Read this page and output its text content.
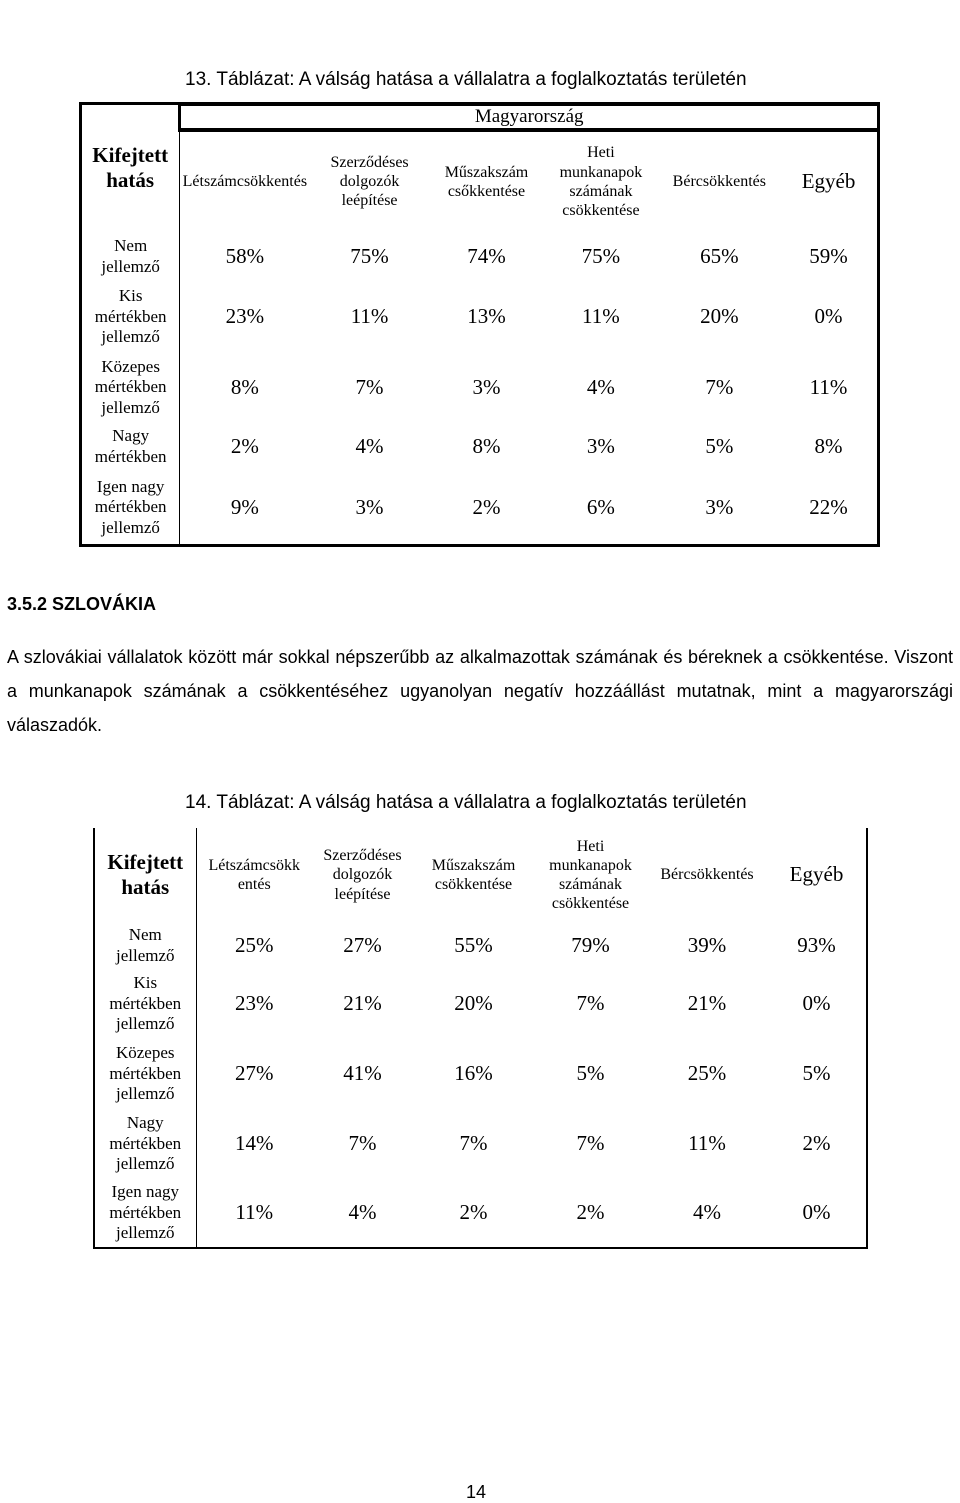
13. Táblázat: A válság hatása a vállalatra a foglalkoztatás területén
Kifejtett
hatás	Magyarország					

	Létszámcsökkentés	Szerződéses
dolgozók
leépítése	Műszakszám
csőkkentése	Heti
munkanapok
számának
csökkentése	Bércsökkentés	Egyéb
Nem
jellemző	58%	75%	74%	75%	65%	59%
Kis
mértékben
jellemző	23%	11%	13%	11%	20%	0%
Közepes
mértékben
jellemző	8%	7%	3%	4%	7%	11%
Nagy
mértékben	2%	4%	8%	3%	5%	8%
Igen nagy
mértékben
jellemző	9%	3%	2%	6%	3%	22%
3.5.2 SZLOVÁKIA

A szlovákiai vállalatok között már sokkal népszerűbb az alkalmazottak számának és béreknek a csökkentése. Viszont a munkanapok számának a csökkentéséhez ugyanolyan negatív hozzáállást mutatnak, mint a magyarországi válaszadók.

14. Táblázat: A válság hatása a vállalatra a foglalkoztatás területén
Kifejtett
hatás	Létszámcsökk
entés	Szerződéses
dolgozók
leépítése	Műszakszám
csökkentése	Heti
munkanapok
számának
csökkentése	Bércsökkentés	Egyéb
Nem
jellemző	25%	27%	55%	79%	39%	93%
Kis
mértékben
jellemző	23%	21%	20%	7%	21%	0%
Közepes
mértékben
jellemző	27%	41%	16%	5%	25%	5%
Nagy
mértékben
jellemző	14%	7%	7%	7%	11%	2%
Igen nagy
mértékben
jellemző	11%	4%	2%	2%	4%	0%
14
